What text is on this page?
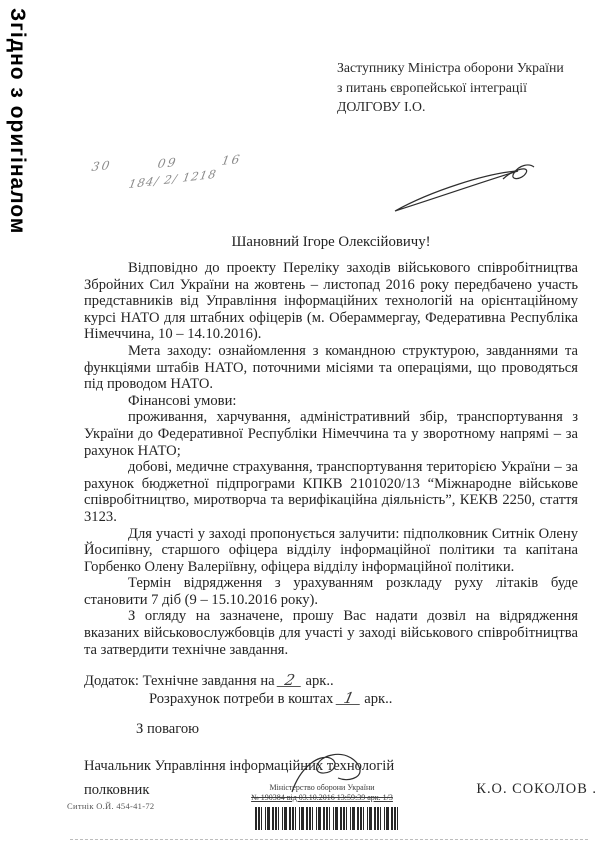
Згідно з оригіналом	Заступнику Міністра оборони України
з питань європейської інтеграції
ДОЛГОВУ І.О.
30	09	16
184/ 2/ 1218
Шановний Ігоре Олексійовичу!

Відповідно до проекту Переліку заходів військового співробітництва Збройних Сил України на жовтень – листопад 2016 року передбачено участь представників від Управління інформаційних технологій на орієнтаційному курсі НАТО для штабних офіцерів (м. Обераммергау, Федеративна Республіка Німеччина, 10 – 14.10.2016).

Мета заходу: ознайомлення з командною структурою, завданнями та функціями штабів НАТО, поточними місіями та операціями, що проводяться під проводом НАТО.

Фінансові умови:

проживання, харчування, адміністративний збір, транспортування з України до Федеративної Республіки Німеччина та у зворотному напрямі – за рахунок НАТО;

добові, медичне страхування, транспортування територією України – за рахунок бюджетної підпрограми КПКВ 2101020/13 “Міжнародне військове співробітництво, миротворча та верифікаційна діяльність”, КЕКВ 2250, стаття 3123.

Для участі у заході пропонується залучити: підполковник Ситнік Олену Йосипівну, старшого офіцера відділу інформаційної політики та капітана Горбенко Олену Валеріївну, офіцера відділу інформаційної політики.

Термін відрядження з урахуванням розкладу руху літаків буде становити 7 діб (9 – 15.10.2016 року).

З огляду на зазначене, прошу Вас надати дозвіл на відрядження вказаних військовослужбовців для участі у заході військового співробітництва та затвердити технічне завдання.

Додаток: Технічне завдання на 2 арк..
Розрахунок потреби в коштах 1 арк..
З повагою
Начальник Управління інформаційних технологій
полковник	К.О. СОКОЛОВ .
Ситнік О.Й. 454-41-72
Міністерство оборони України
№ 190384 від 03.10.2016 13:59:39 арк. 1/3
